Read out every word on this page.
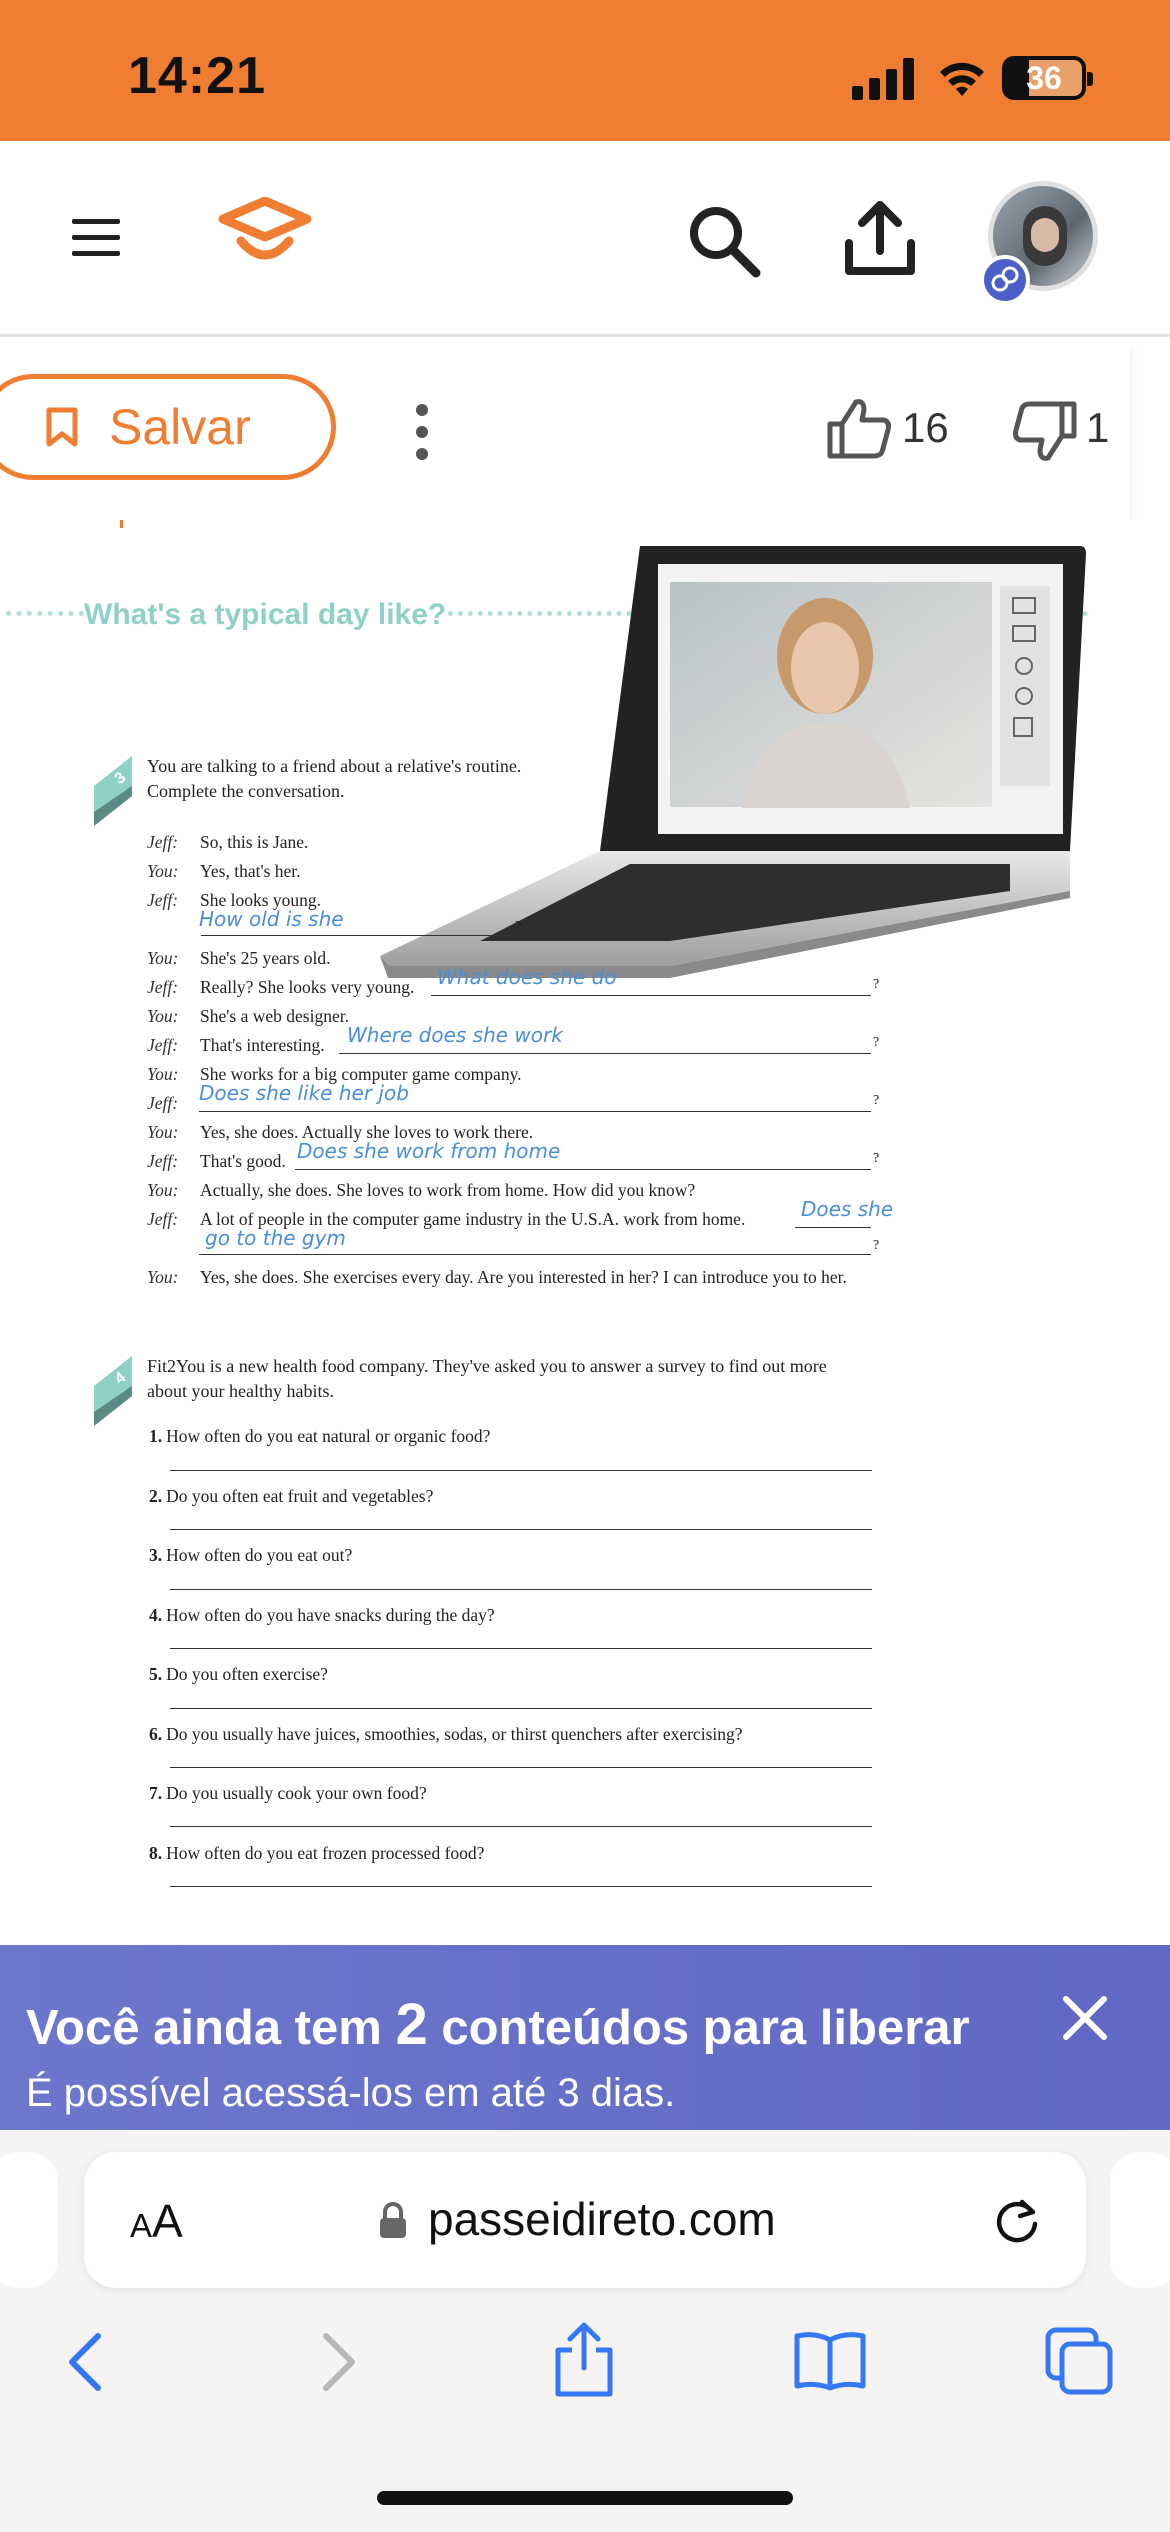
14:21	36
Salvar	16	1
What's a typical day like?
3
You are talking to a friend about a relative's routine.
Complete the conversation.
Jeff: So, this is Jane.
You: Yes, that's her.
Jeff: She looks young.
How old is she	?
You: She's 25 years old.
Jeff: Really? She looks very young. What does she do	?
You: She's a web designer.
Jeff: That's interesting. Where does she work	?
You: She works for a big computer game company.
Jeff: Does she like her job	?
You: Yes, she does. Actually she loves to work there.
Jeff: That's good. Does she work from home	?
You: Actually, she does. She loves to work from home. How did you know?
Jeff: A lot of people in the computer game industry in the U.S.A. work from home.	Does she
go to the gym	?
You: Yes, she does. She exercises every day. Are you interested in her? I can introduce you to her.
4
Fit2You is a new health food company. They've asked you to answer a survey to find out more
about your healthy habits.
1. How often do you eat natural or organic food?
2. Do you often eat fruit and vegetables?
3. How often do you eat out?
4. How often do you have snacks during the day?
5. Do you often exercise?
6. Do you usually have juices, smoothies, sodas, or thirst quenchers after exercising?
7. Do you usually cook your own food?
8. How often do you eat frozen processed food?
Você ainda tem 2 conteúdos para liberar
É possível acessá-los em até 3 dias.
AA	passeidireto.com
